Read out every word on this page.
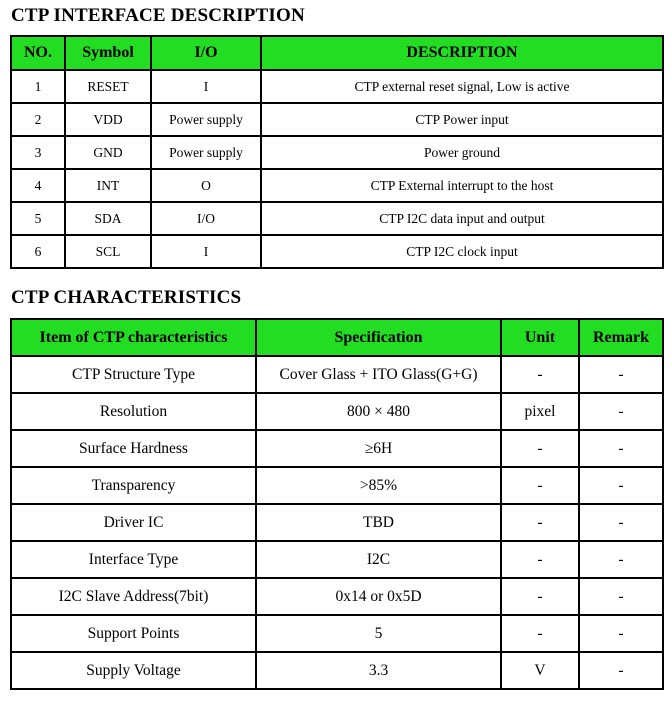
CTP INTERFACE DESCRIPTION
NO.	Symbol	I/O	DESCRIPTION
1	RESET	I	CTP external reset signal, Low is active
2	VDD	Power supply	CTP Power input
3	GND	Power supply	Power ground
4	INT	O	CTP External interrupt to the host
5	SDA	I/O	CTP I2C data input and output
6	SCL	I	CTP I2C clock input
CTP CHARACTERISTICS
Item of CTP characteristics	Specification	Unit	Remark
CTP Structure Type	Cover Glass + ITO Glass(G+G)	-	-
Resolution	800 × 480	pixel	-
Surface Hardness	≥6H	-	-
Transparency	>85%	-	-
Driver IC	TBD	-	-
Interface Type	I2C	-	-
I2C Slave Address(7bit)	0x14 or 0x5D	-	-
Support Points	5	-	-
Supply Voltage	3.3	V	-
